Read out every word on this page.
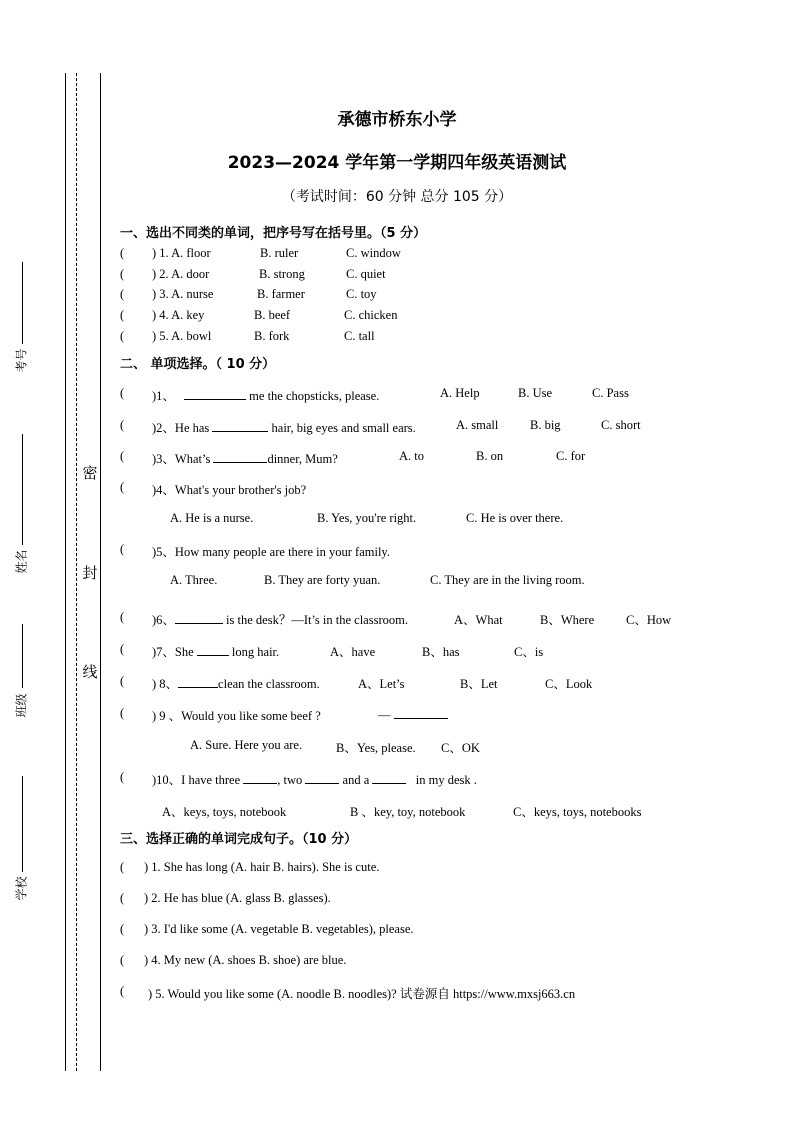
考号
姓名
班级
学校
密
封
线
承德市桥东小学
2023—2024 学年第一学期四年级英语测试
（考试时间：60 分钟 总分 105 分）
一、选出不同类的单词，把序号写在括号里。（5 分）
( ) 1. A. floor	B. ruler	C. window
( ) 2. A. door	B. strong	C. quiet
( ) 3. A. nurse	B. farmer	C. toy
( ) 4. A. key	B. beef	C. chicken
( ) 5. A. bowl	B. fork	C. tall
二、 单项选择。（ 10 分）
( )1、	me the chopsticks, please.	A. Help	B. Use	C. Pass
( )2、He has	hair, big eyes and small ears.	A. small	B. big	C. short
( )3、What’s	dinner, Mum?	A. to	B. on	C. for
( )4、What's your brother's job?
A. He is a nurse.	B. Yes, you're right.	C. He is over there.
( )5、How many people are there in your family.
A. Three.	B. They are forty yuan.	C. They are in the living room.
( )6、	is the desk？—It’s in the classroom.	A、What	B、Where	C、How
( )7、She	long hair.	A、have	B、has	C、is
( ) 8、	clean the classroom.	A、Let’s	B、Let	C、Look
( ) 9 、Would you like some beef ?	—
A. Sure. Here you are.	B、Yes, please. C、OK
( )10、I have three	, two	and a	in my desk .
A、keys, toys, notebook	B 、key, toy, notebook	C、keys, toys, notebooks
三、选择正确的单词完成句子。（10 分）
( ) 1. She has long (A. hair B. hairs). She is cute.
( ) 2. He has blue (A. glass B. glasses).
( ) 3. I'd like some (A. vegetable B. vegetables), please.
( ) 4. My new (A. shoes B. shoe) are blue.
( ) 5. Would you like some (A. noodle B. noodles)? 试卷源自 https://www.mxsj663.cn
